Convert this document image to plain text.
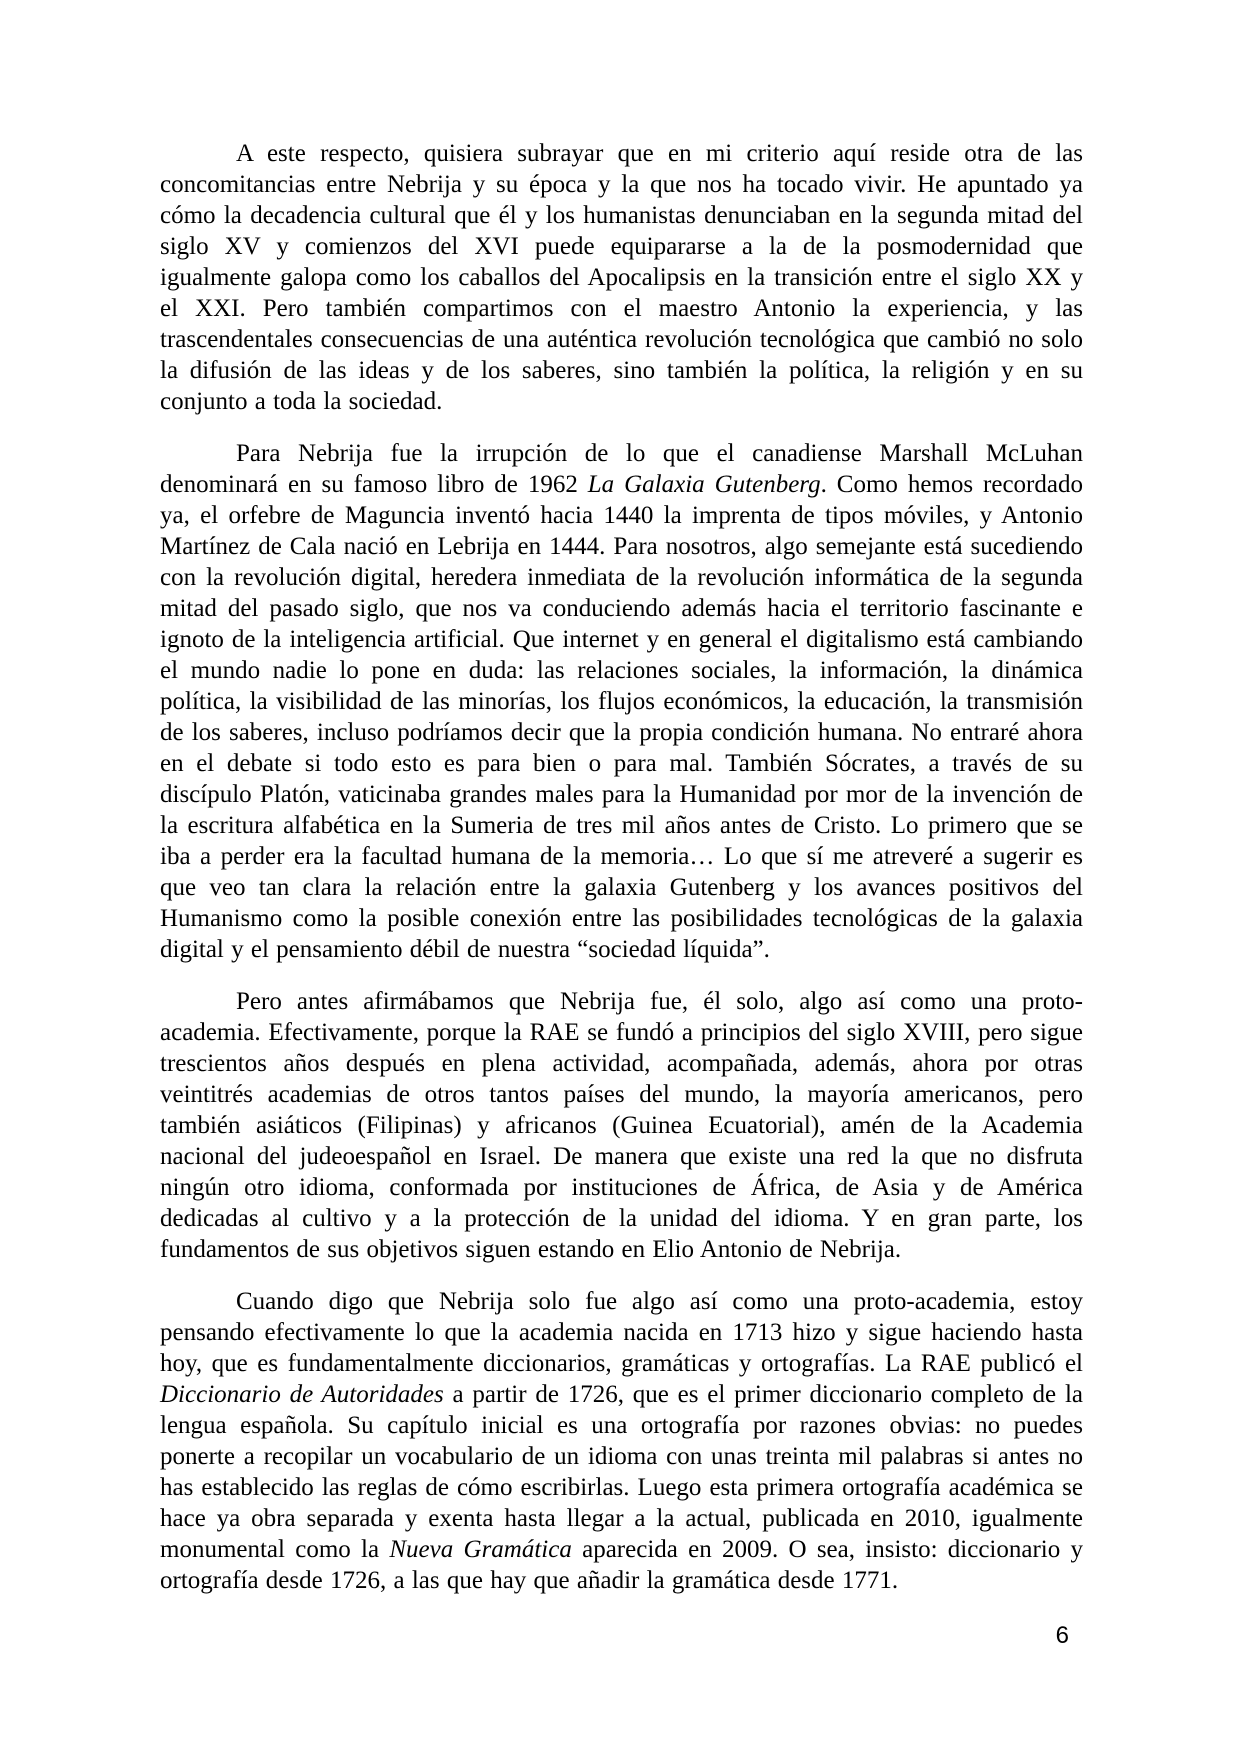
A este respecto, quisiera subrayar que en mi criterio aquí reside otra de las concomitancias entre Nebrija y su época y la que nos ha tocado vivir. He apuntado ya cómo la decadencia cultural que él y los humanistas denunciaban en la segunda mitad del siglo XV y comienzos del XVI puede equipararse a la de la posmodernidad que igualmente galopa como los caballos del Apocalipsis en la transición entre el siglo XX y el XXI. Pero también compartimos con el maestro Antonio la experiencia, y las trascendentales consecuencias de una auténtica revolución tecnológica que cambió no solo la difusión de las ideas y de los saberes, sino también la política, la religión y en su conjunto a toda la sociedad.

Para Nebrija fue la irrupción de lo que el canadiense Marshall McLuhan denominará en su famoso libro de 1962 La Galaxia Gutenberg. Como hemos recordado ya, el orfebre de Maguncia inventó hacia 1440 la imprenta de tipos móviles, y Antonio Martínez de Cala nació en Lebrija en 1444. Para nosotros, algo semejante está sucediendo con la revolución digital, heredera inmediata de la revolución informática de la segunda mitad del pasado siglo, que nos va conduciendo además hacia el territorio fascinante e ignoto de la inteligencia artificial. Que internet y en general el digitalismo está cambiando el mundo nadie lo pone en duda: las relaciones sociales, la información, la dinámica política, la visibilidad de las minorías, los flujos económicos, la educación, la transmisión de los saberes, incluso podríamos decir que la propia condición humana. No entraré ahora en el debate si todo esto es para bien o para mal. También Sócrates, a través de su discípulo Platón, vaticinaba grandes males para la Humanidad por mor de la invención de la escritura alfabética en la Sumeria de tres mil años antes de Cristo. Lo primero que se iba a perder era la facultad humana de la memoria… Lo que sí me atreveré a sugerir es que veo tan clara la relación entre la galaxia Gutenberg y los avances positivos del Humanismo como la posible conexión entre las posibilidades tecnológicas de la galaxia digital y el pensamiento débil de nuestra “sociedad líquida”.

Pero antes afirmábamos que Nebrija fue, él solo, algo así como una proto-academia. Efectivamente, porque la RAE se fundó a principios del siglo XVIII, pero sigue trescientos años después en plena actividad, acompañada, además, ahora por otras veintitrés academias de otros tantos países del mundo, la mayoría americanos, pero también asiáticos (Filipinas) y africanos (Guinea Ecuatorial), amén de la Academia nacional del judeoespañol en Israel. De manera que existe una red la que no disfruta ningún otro idioma, conformada por instituciones de África, de Asia y de América dedicadas al cultivo y a la protección de la unidad del idioma. Y en gran parte, los fundamentos de sus objetivos siguen estando en Elio Antonio de Nebrija.

Cuando digo que Nebrija solo fue algo así como una proto-academia, estoy pensando efectivamente lo que la academia nacida en 1713 hizo y sigue haciendo hasta hoy, que es fundamentalmente diccionarios, gramáticas y ortografías. La RAE publicó el Diccionario de Autoridades a partir de 1726, que es el primer diccionario completo de la lengua española. Su capítulo inicial es una ortografía por razones obvias: no puedes ponerte a recopilar un vocabulario de un idioma con unas treinta mil palabras si antes no has establecido las reglas de cómo escribirlas. Luego esta primera ortografía académica se hace ya obra separada y exenta hasta llegar a la actual, publicada en 2010, igualmente monumental como la Nueva Gramática aparecida en 2009. O sea, insisto: diccionario y ortografía desde 1726, a las que hay que añadir la gramática desde 1771.

6
